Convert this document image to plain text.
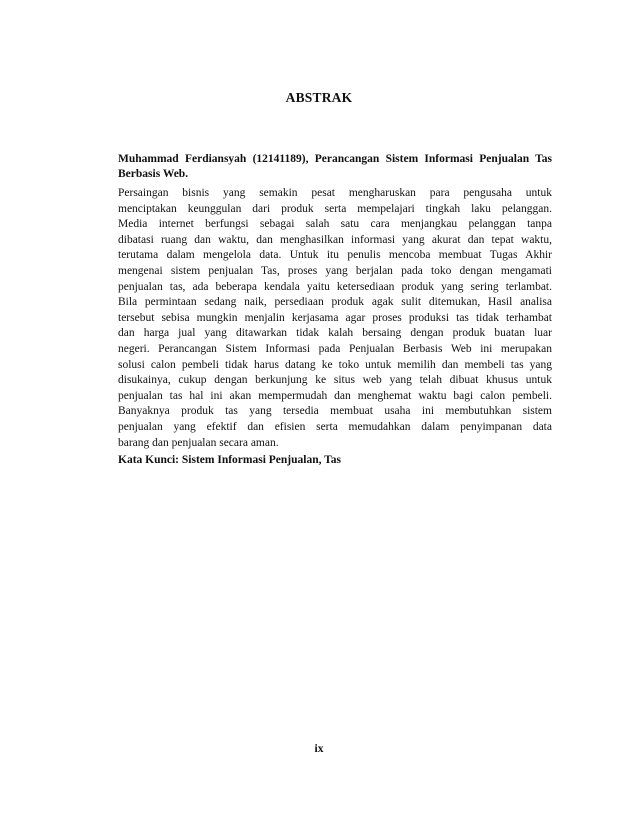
ABSTRAK
Muhammad Ferdiansyah (12141189), Perancangan Sistem Informasi Penjualan Tas Berbasis Web.
Persaingan bisnis yang semakin pesat mengharuskan para pengusaha untuk
menciptakan keunggulan dari produk serta mempelajari tingkah laku pelanggan.
Media internet berfungsi sebagai salah satu cara menjangkau pelanggan tanpa
dibatasi ruang dan waktu, dan menghasilkan informasi yang akurat dan tepat waktu,
terutama dalam mengelola data. Untuk itu penulis mencoba membuat Tugas Akhir
mengenai sistem penjualan Tas, proses yang berjalan pada toko dengan mengamati
penjualan tas, ada beberapa kendala yaitu ketersediaan produk yang sering terlambat.
Bila permintaan sedang naik, persediaan produk agak sulit ditemukan, Hasil analisa
tersebut sebisa mungkin menjalin kerjasama agar proses produksi tas tidak terhambat
dan harga jual yang ditawarkan tidak kalah bersaing dengan produk buatan luar
negeri. Perancangan Sistem Informasi pada Penjualan Berbasis Web ini merupakan
solusi calon pembeli tidak harus datang ke toko untuk memilih dan membeli tas yang
disukainya, cukup dengan berkunjung ke situs web yang telah dibuat khusus untuk
penjualan tas hal ini akan mempermudah dan menghemat waktu bagi calon pembeli.
Banyaknya produk tas yang tersedia membuat usaha ini membutuhkan sistem
penjualan yang efektif dan efisien serta memudahkan dalam penyimpanan data
barang dan penjualan secara aman.
Kata Kunci: Sistem Informasi Penjualan, Tas
ix
